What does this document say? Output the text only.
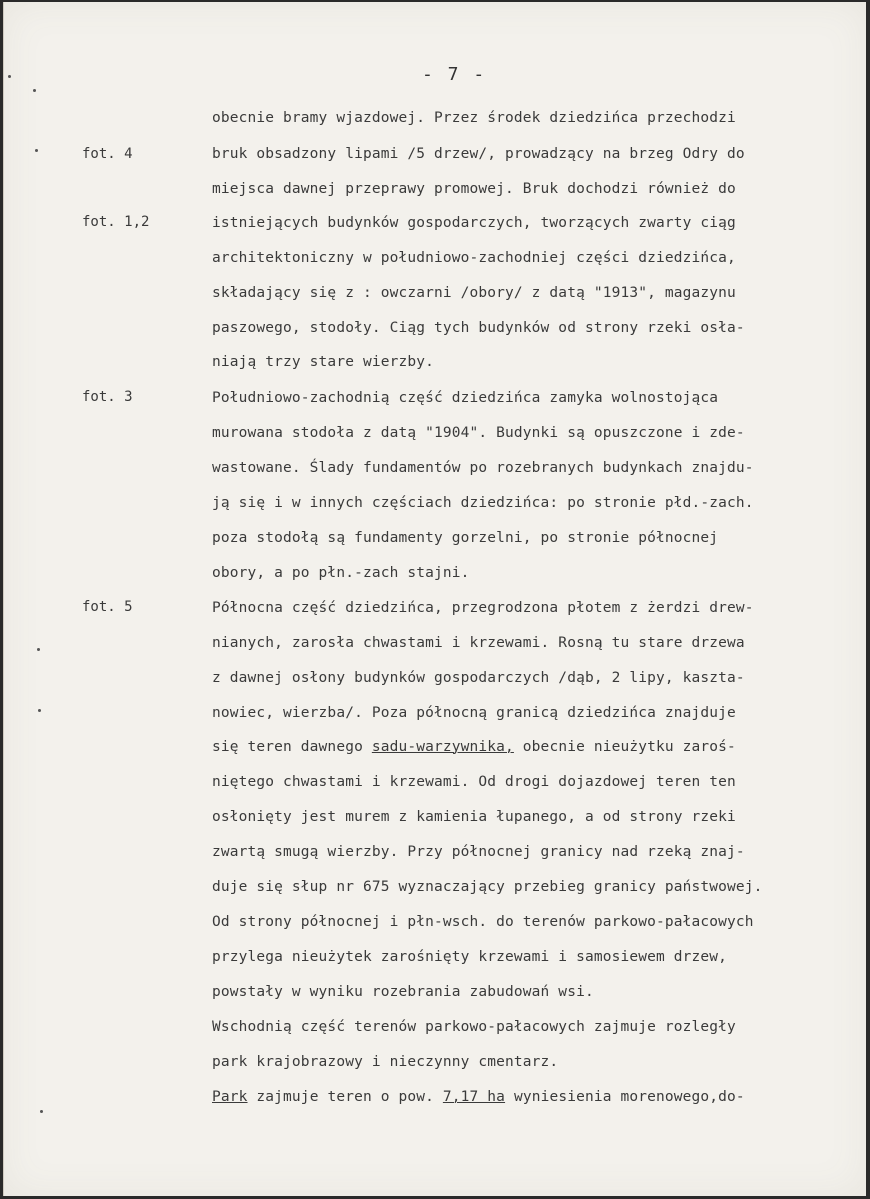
- 7 -
fot. 4
fot. 1,2
fot. 3
fot. 5
obecnie bramy wjazdowej. Przez środek dziedzińca przechodzi
bruk obsadzony lipami /5 drzew/, prowadzący na brzeg Odry do
miejsca dawnej przeprawy promowej. Bruk dochodzi również do
istniejących budynków gospodarczych, tworzących zwarty ciąg
architektoniczny w południowo-zachodniej części dziedzińca,
składający się z : owczarni /obory/ z datą "1913", magazynu
paszowego, stodoły. Ciąg tych budynków od strony rzeki osła-
niają trzy stare wierzby.
Południowo-zachodnią część dziedzińca zamyka wolnostojąca
murowana stodoła z datą "1904". Budynki są opuszczone i zde-
wastowane. Ślady fundamentów po rozebranych budynkach znajdu-
ją się i w innych częściach dziedzińca: po stronie płd.-zach.
poza stodołą są fundamenty gorzelni, po stronie północnej
obory, a po płn.-zach stajni.
Północna część dziedzińca, przegrodzona płotem z żerdzi drew-
nianych, zarosła chwastami i krzewami. Rosną tu stare drzewa
z dawnej osłony budynków gospodarczych /dąb, 2 lipy, kaszta-
nowiec, wierzba/. Poza północną granicą dziedzińca znajduje
się teren dawnego sadu-warzywnika, obecnie nieużytku zaroś-
niętego chwastami i krzewami. Od drogi dojazdowej teren ten
osłonięty jest murem z kamienia łupanego, a od strony rzeki
zwartą smugą wierzby. Przy północnej granicy nad rzeką znaj-
duje się słup nr 675 wyznaczający przebieg granicy państwowej.
Od strony północnej i płn-wsch. do terenów parkowo-pałacowych
przylega nieużytek zarośnięty krzewami i samosiewem drzew,
powstały w wyniku rozebrania zabudowań wsi.
Wschodnią część terenów parkowo-pałacowych zajmuje rozległy
park krajobrazowy i nieczynny cmentarz.
Park zajmuje teren o pow. 7,17 ha wyniesienia morenowego,do-
